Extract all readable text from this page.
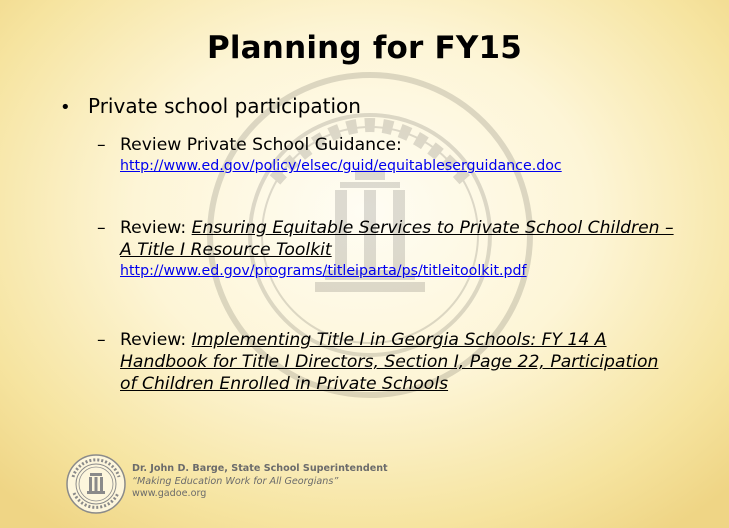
Planning for FY15
• Private school participation
– Review Private School Guidance:
http://www.ed.gov/policy/elsec/guid/equitableserguidance.doc
– Review: Ensuring Equitable Services to Private School Children – A Title I Resource Toolkit
http://www.ed.gov/programs/titleiparta/ps/titleitoolkit.pdf
– Review: Implementing Title I in Georgia Schools: FY 14 A Handbook for Title I Directors, Section I, Page 22, Participation of Children Enrolled in Private Schools
Dr. John D. Barge, State School Superintendent
“Making Education Work for All Georgians”
www.gadoe.org
